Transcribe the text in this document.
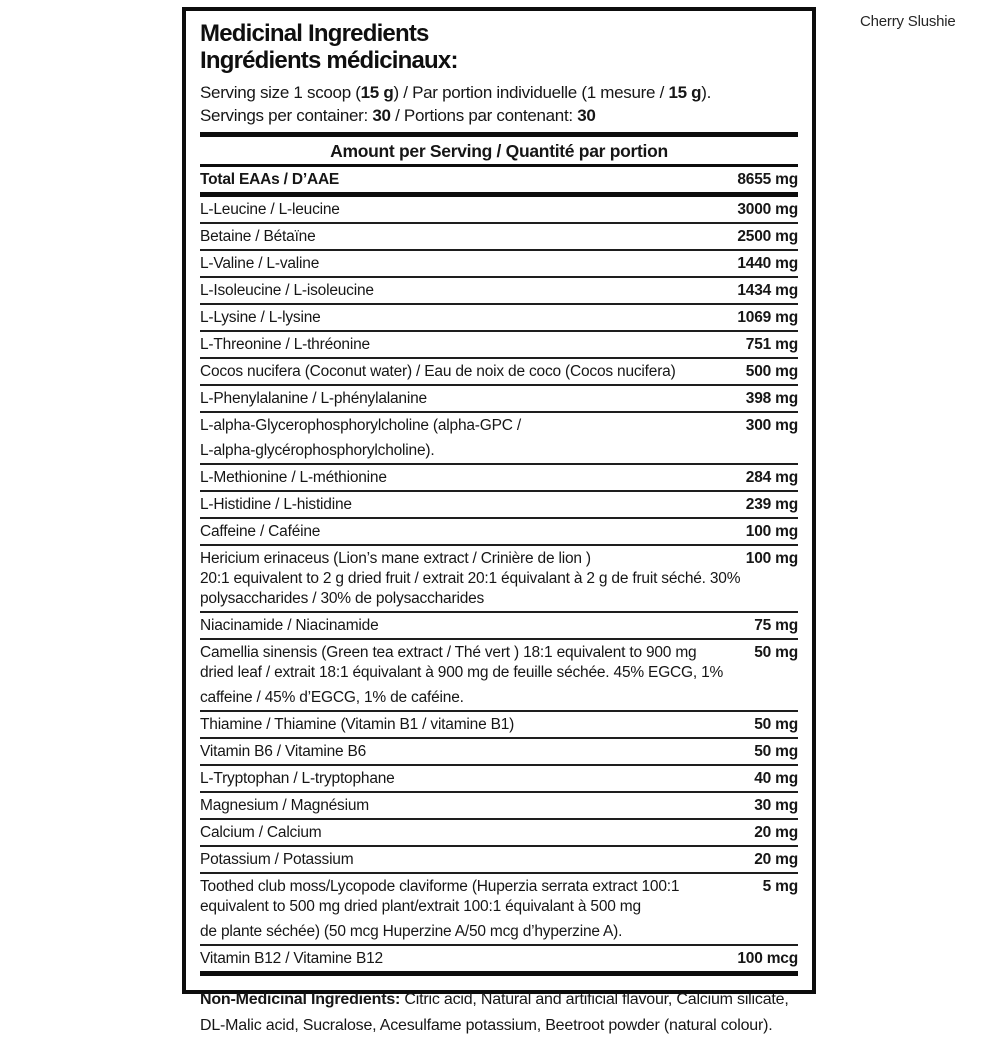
Cherry Slushie
Medicinal Ingredients
Ingrédients médicinaux:
Serving size 1 scoop (15 g) / Par portion individuelle (1 mesure / 15 g).
Servings per container: 30 / Portions par contenant: 30
Amount per Serving / Quantité par portion
Total EAAs / D’AAE	8655 mg
L-Leucine / L-leucine	3000 mg
Betaine / Bétaïne	2500 mg
L-Valine / L-valine	1440 mg
L-Isoleucine / L-isoleucine	1434 mg
L-Lysine / L-lysine	1069 mg
L-Threonine / L-thréonine	751 mg
Cocos nucifera (Coconut water) / Eau de noix de coco (Cocos nucifera)	500 mg
L-Phenylalanine / L-phénylalanine	398 mg
L-alpha-Glycerophosphorylcholine (alpha-GPC /	300 mg
L-alpha-glycérophosphorylcholine).
L-Methionine / L-méthionine	284 mg
L-Histidine / L-histidine	239 mg
Caffeine / Caféine	100 mg
Hericium erinaceus (Lion’s mane extract / Crinière de lion )	100 mg
20:1 equivalent to 2 g dried fruit / extrait 20:1 équivalant à 2 g de fruit séché. 30%
polysaccharides / 30% de polysaccharides
Niacinamide / Niacinamide	75 mg
Camellia sinensis (Green tea extract / Thé vert ) 18:1 equivalent to 900 mg	50 mg
dried leaf / extrait 18:1 équivalant à 900 mg de feuille séchée. 45% EGCG, 1%
caffeine / 45% d’EGCG, 1% de caféine.
Thiamine / Thiamine (Vitamin B1 / vitamine B1)	50 mg
Vitamin B6 / Vitamine B6	50 mg
L-Tryptophan / L-tryptophane	40 mg
Magnesium / Magnésium	30 mg
Calcium / Calcium	20 mg
Potassium / Potassium	20 mg
Toothed club moss/Lycopode claviforme (Huperzia serrata extract 100:1	5 mg
equivalent to 500 mg dried plant/extrait 100:1 équivalant à 500 mg
de plante séchée) (50 mcg Huperzine A/50 mcg d’hyperzine A).
Vitamin B12 / Vitamine B12	100 mcg
Non-Medicinal Ingredients: Citric acid, Natural and artificial flavour, Calcium silicate,
DL-Malic acid, Sucralose, Acesulfame potassium, Beetroot powder (natural colour).
